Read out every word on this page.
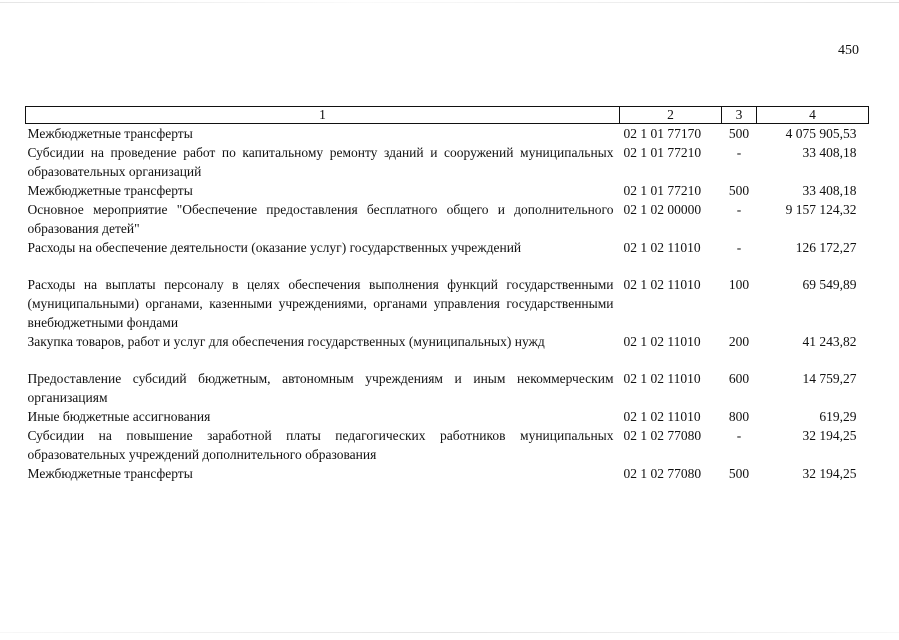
450
1	2	3	4
Межбюджетные трансферты	02 1 01 77170	500	4 075 905,53
Субсидии на проведение работ по капитальному ремонту зданий и сооружений муниципальных образовательных организаций	02 1 01 77210	-	33 408,18
Межбюджетные трансферты	02 1 01 77210	500	33 408,18
Основное мероприятие "Обеспечение предоставления бесплатного общего и дополнительного образования детей"	02 1 02 00000	-	9 157 124,32
Расходы на обеспечение деятельности (оказание услуг) государственных учреждений	02 1 02 11010	-	126 172,27
Расходы на выплаты персоналу в целях обеспечения выполнения функций государственными (муниципальными) органами, казенными учреждениями, органами управления государственными внебюджетными фондами	02 1 02 11010	100	69 549,89
Закупка товаров, работ и услуг для обеспечения государственных (муниципальных) нужд	02 1 02 11010	200	41 243,82
Предоставление субсидий бюджетным, автономным учреждениям и иным некоммерческим организациям	02 1 02 11010	600	14 759,27
Иные бюджетные ассигнования	02 1 02 11010	800	619,29
Субсидии на повышение заработной платы педагогических работников муниципальных образовательных учреждений дополнительного образования	02 1 02 77080	-	32 194,25
Межбюджетные трансферты	02 1 02 77080	500	32 194,25
